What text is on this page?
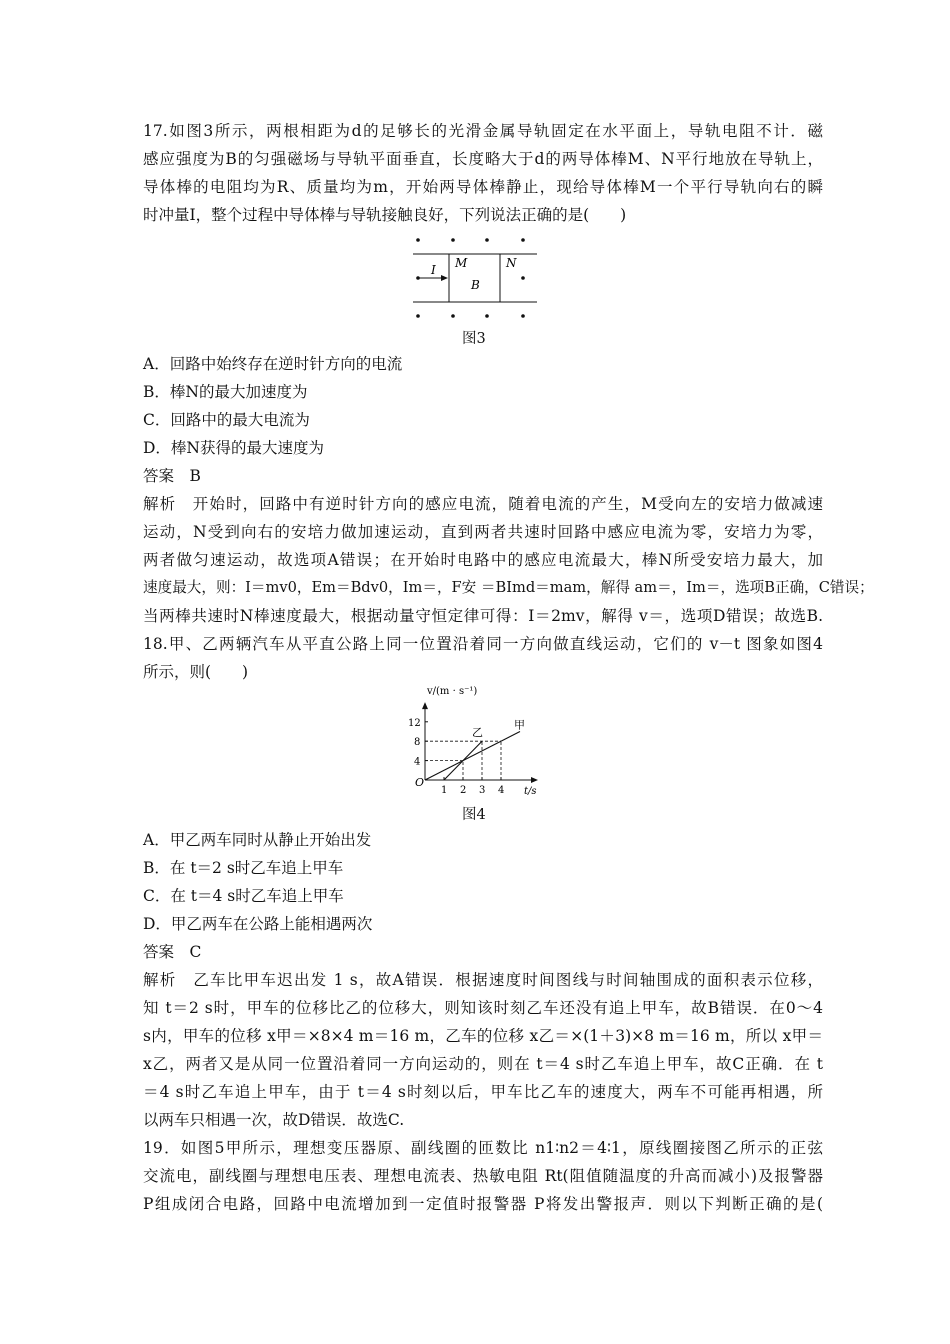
17.如图3所示，两根相距为d的足够长的光滑金属导轨固定在水平面上，导轨电阻不计．磁
感应强度为B的匀强磁场与导轨平面垂直，长度略大于d的两导体棒M、N平行地放在导轨上，
导体棒的电阻均为R、质量均为m，开始两导体棒静止，现给导体棒M一个平行导轨向右的瞬
时冲量I，整个过程中导体棒与导轨接触良好，下列说法正确的是(　　)
I M	N
B
图3
A．回路中始终存在逆时针方向的电流
B．棒N的最大加速度为
C．回路中的最大电流为
D．棒N获得的最大速度为
答案　B
解析　开始时，回路中有逆时针方向的感应电流，随着电流的产生，M受向左的安培力做减速
运动，N受到向右的安培力做加速运动，直到两者共速时回路中感应电流为零，安培力为零，
两者做匀速运动，故选项A错误；在开始时电路中的感应电流最大，棒N所受安培力最大，加
速度最大，则：I＝mv0，Em＝Bdv0，Im＝，F安 ＝BImd＝mam，解得 am＝，Im＝，选项B正确，C错误；
当两棒共速时N棒速度最大，根据动量守恒定律可得：I＝2mv，解得 v＝，选项D错误；故选B.
18.甲、乙两辆汽车从平直公路上同一位置沿着同一方向做直线运动，它们的 v－t 图象如图4
所示，则(　　)
v/(m · s⁻¹)
t/s
O
1 2 3 4
4
8
12	甲
乙
图4
A．甲乙两车同时从静止开始出发
B．在 t＝2 s时乙车追上甲车
C．在 t＝4 s时乙车追上甲车
D．甲乙两车在公路上能相遇两次
答案　C
解析　乙车比甲车迟出发 1 s，故A错误．根据速度时间图线与时间轴围成的面积表示位移，
知 t＝2 s时，甲车的位移比乙的位移大，则知该时刻乙车还没有追上甲车，故B错误．在0～4
s内，甲车的位移 x甲＝×8×4 m＝16 m，乙车的位移 x乙＝×(1＋3)×8 m＝16 m，所以 x甲＝
x乙，两者又是从同一位置沿着同一方向运动的，则在 t＝4 s时乙车追上甲车，故C正确．在 t
＝4 s时乙车追上甲车，由于 t＝4 s时刻以后，甲车比乙车的速度大，两车不可能再相遇，所
以两车只相遇一次，故D错误．故选C.
19．如图5甲所示，理想变压器原、副线圈的匝数比 n1∶n2＝4∶1，原线圈接图乙所示的正弦
交流电，副线圈与理想电压表、理想电流表、热敏电阻 Rt(阻值随温度的升高而减小)及报警器
P组成闭合电路，回路中电流增加到一定值时报警器 P将发出警报声．则以下判断正确的是(
